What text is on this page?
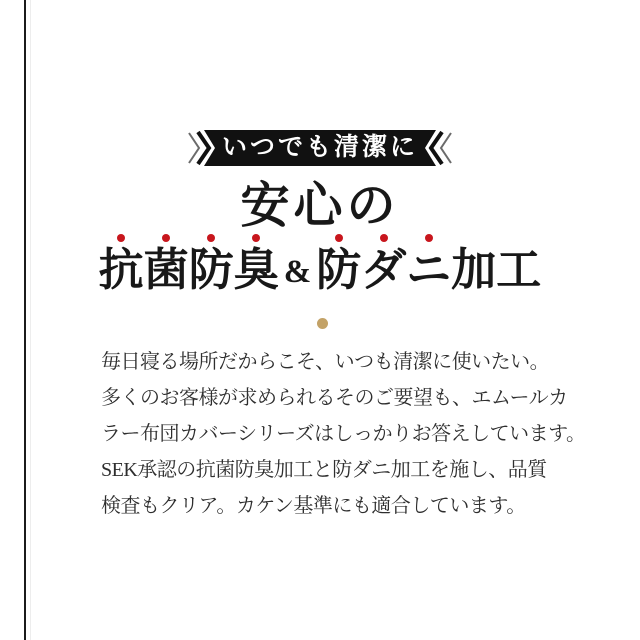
いつでも清潔に
安心の
抗菌防臭 & 防ダニ加工
毎日寝る場所だからこそ、いつも清潔に使いたい。
多くのお客様が求められるそのご要望も、エムールカ
ラー布団カバーシリーズはしっかりお答えしています。
SEK承認の抗菌防臭加工と防ダニ加工を施し、品質
検査もクリア。カケン基準にも適合しています。
